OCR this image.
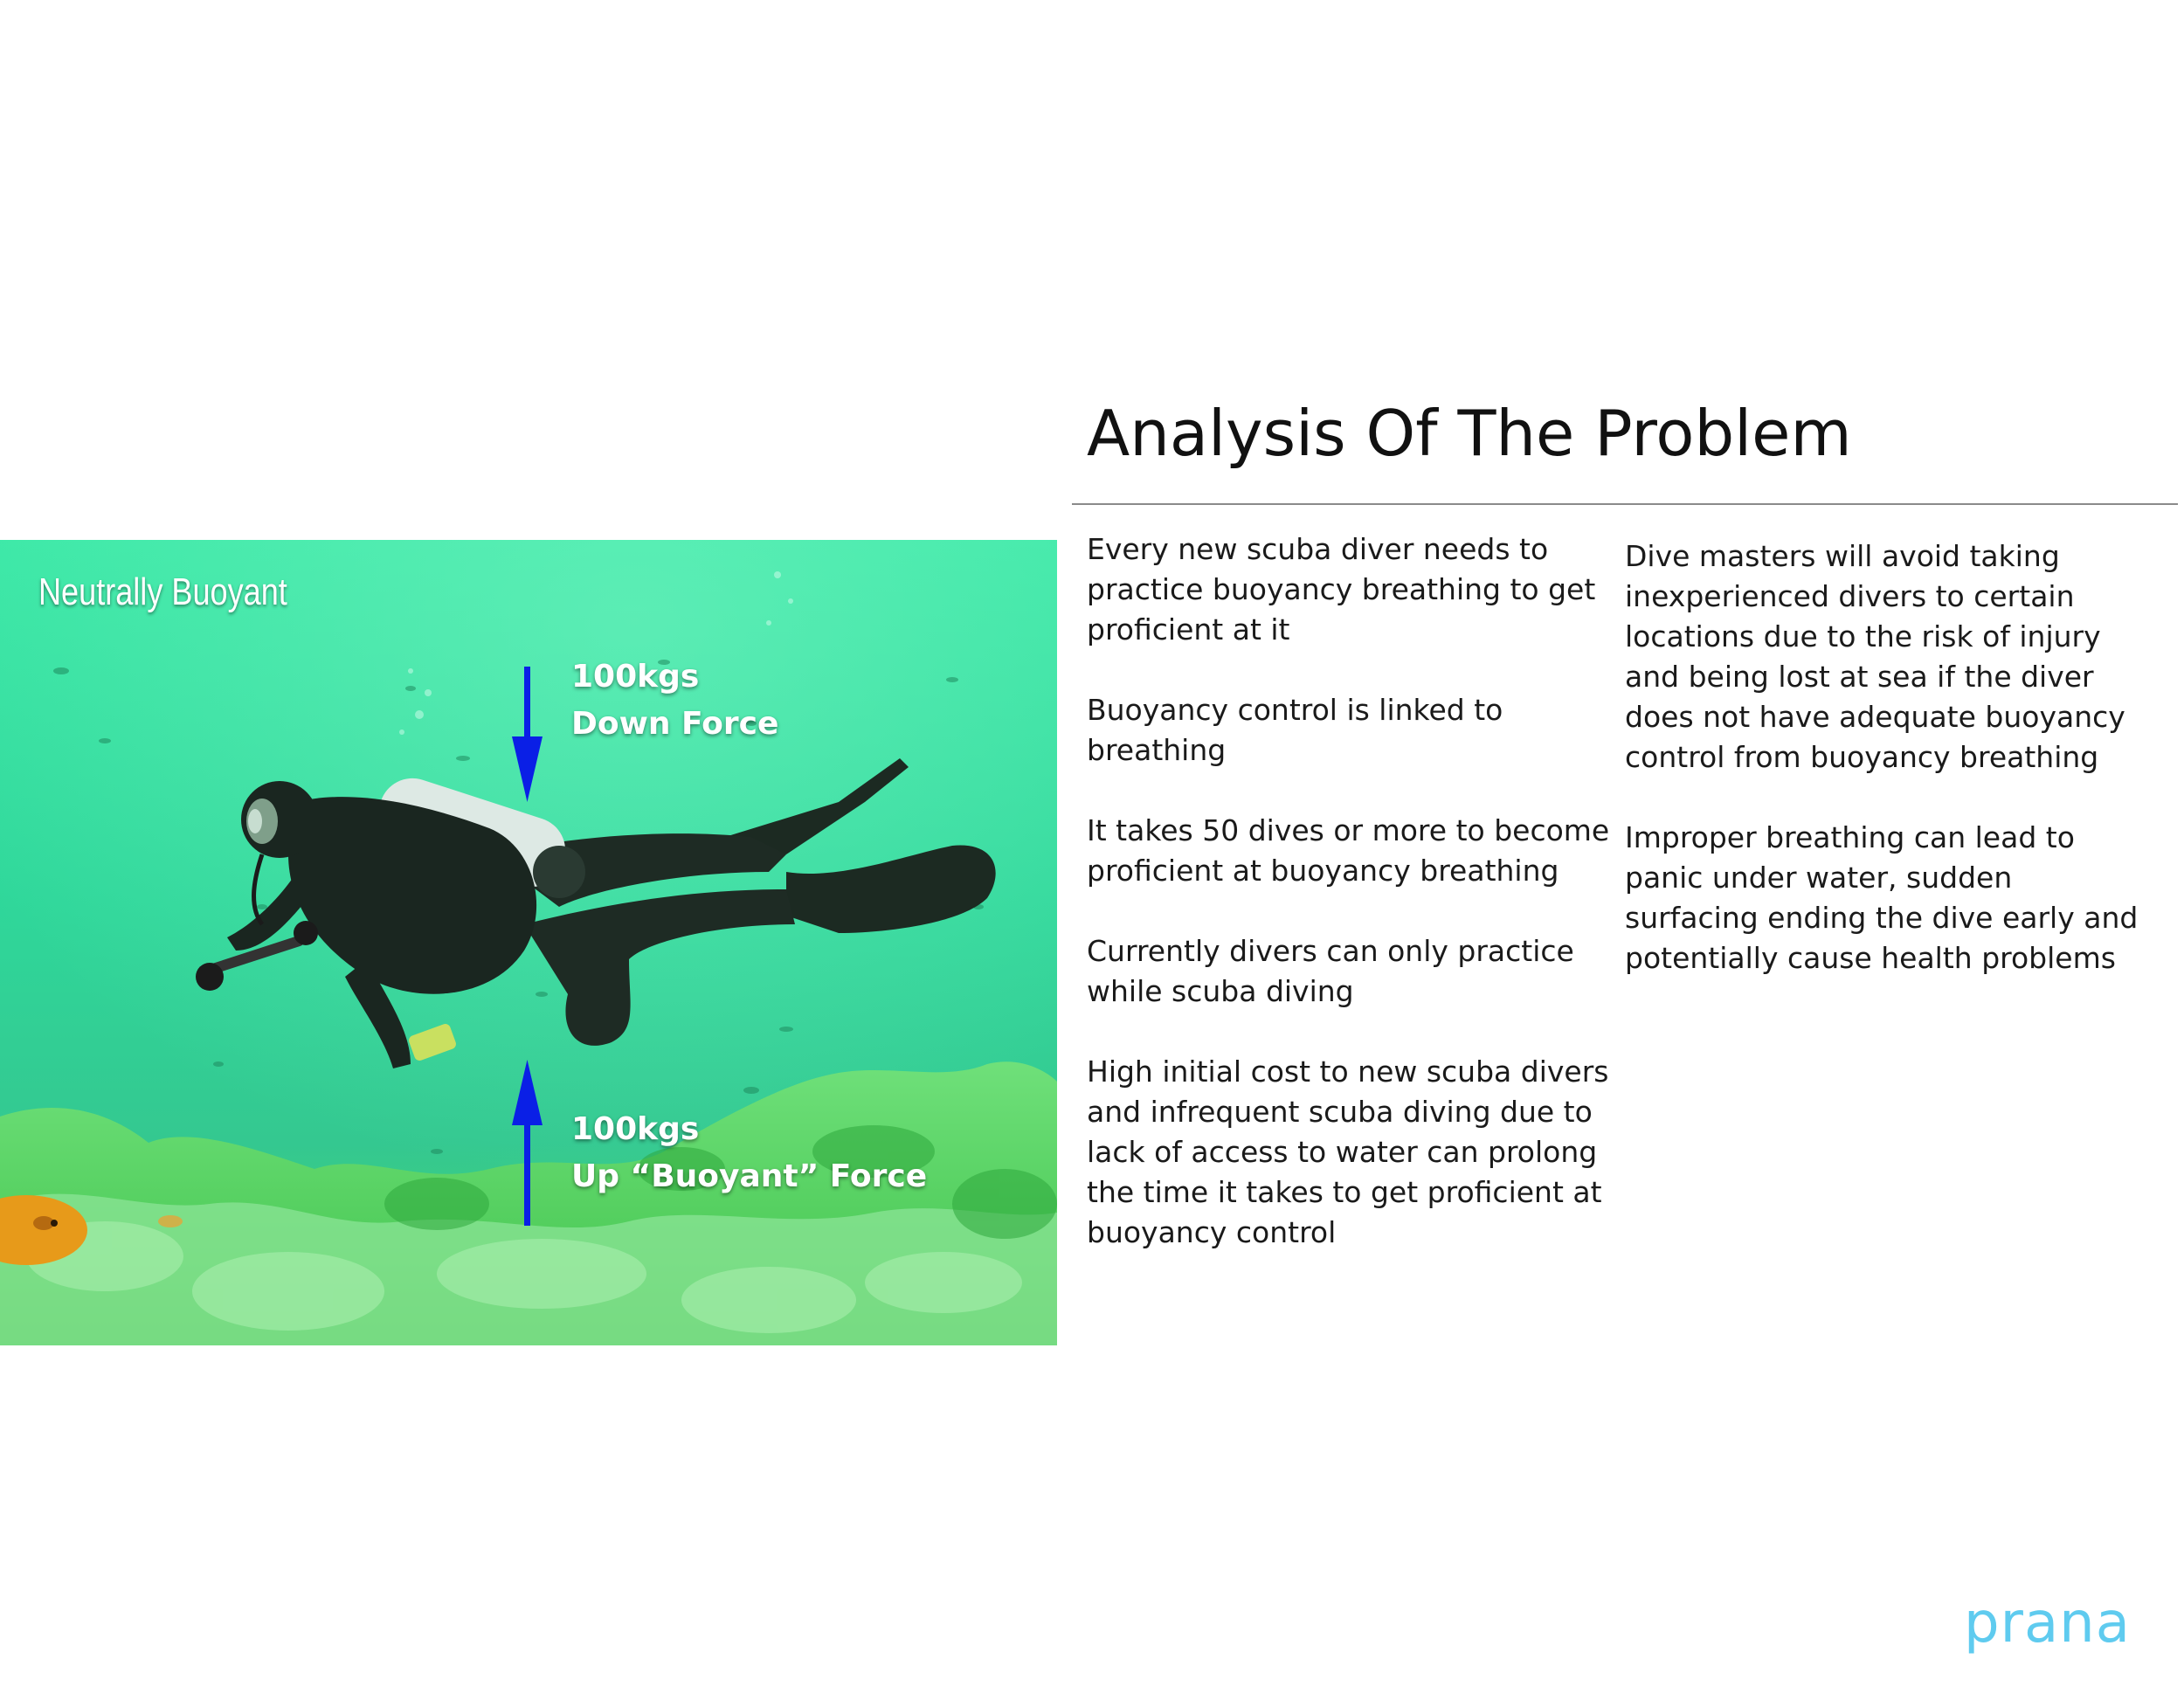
Analysis Of The Problem
Neutrally Buoyant
100kgs
Down Force
100kgs
Up “Buoyant” Force

Every new scuba diver needs to practice buoyancy breathing to get proficient at it

Buoyancy control is linked to breathing

It takes 50 dives or more to become proficient at buoyancy breathing

Currently divers can only practice while scuba diving

High initial cost to new scuba divers and infrequent scuba diving due to lack of access to water can prolong the time it takes to get proficient at buoyancy control

Dive masters will avoid taking inexperienced divers to certain locations due to the risk of injury and being lost at sea if the diver does not have adequate buoyancy control from buoyancy breathing

Improper breathing can lead to panic under water, sudden surfacing ending the dive early and potentially cause health problems

prana
